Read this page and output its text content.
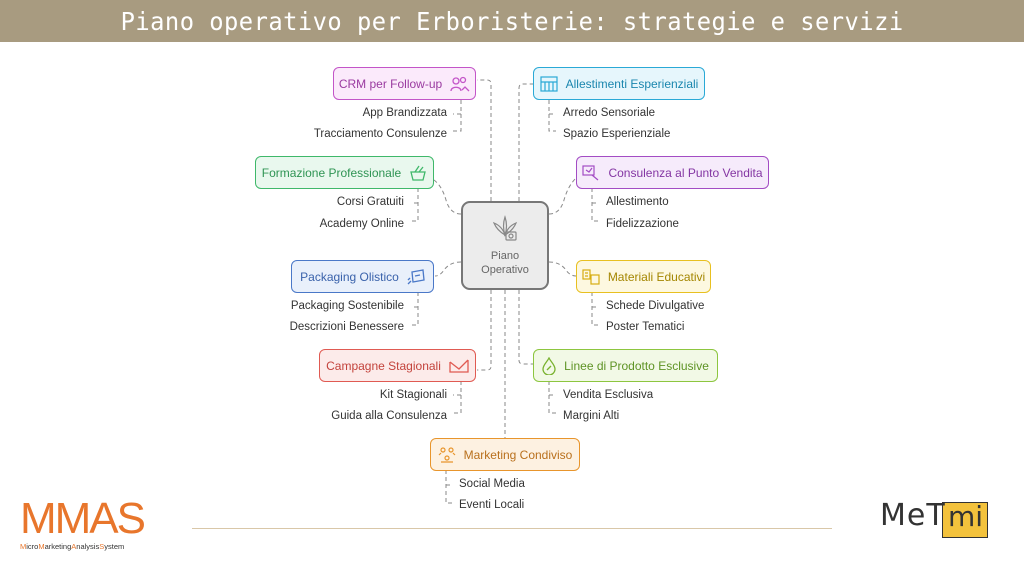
Piano operativo per Erboristerie: strategie e servizi
Piano Operativo
CRM per Follow-up
App Brandizzata
Tracciamento Consulenze
Formazione Professionale
Corsi Gratuiti
Academy Online
Packaging Olistico
Packaging Sostenibile
Descrizioni Benessere
Campagne Stagionali
Kit Stagionali
Guida alla Consulenza
Marketing Condiviso
Social Media
Eventi Locali
Allestimenti Esperienziali
Arredo Sensoriale
Spazio Esperienziale
Consulenza al Punto Vendita
Allestimento
Fidelizzazione
Materiali Educativi
Schede Divulgative
Poster Tematici
Linee di Prodotto Esclusive
Vendita Esclusiva
Margini Alti
MMAS
MicroMarketingAnalysisSystem
MeT mi
